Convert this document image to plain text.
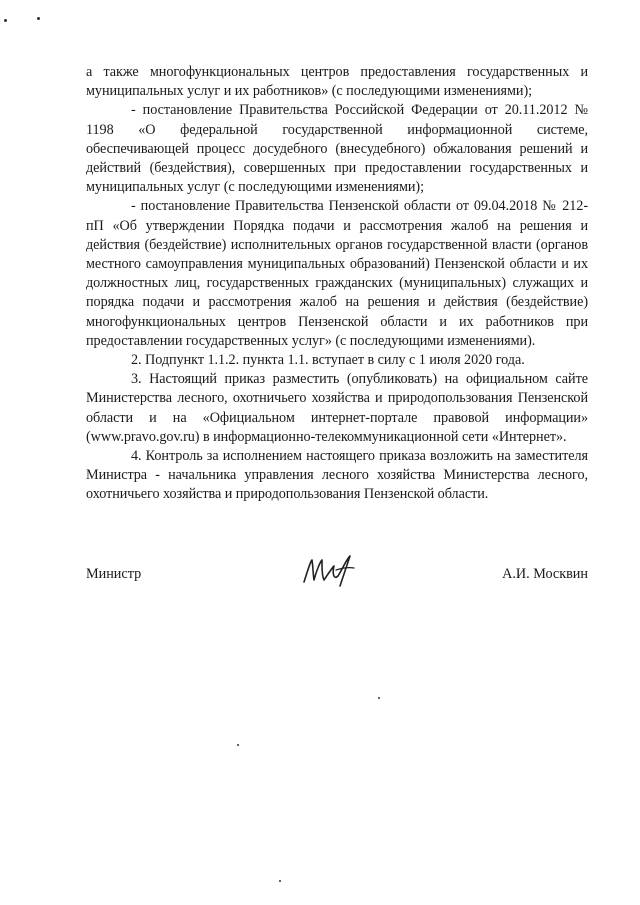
а также многофункциональных центров предоставления государственных и муниципальных услуг и их работников» (с последующими изменениями);

- постановление Правительства Российской Федерации от 20.11.2012 № 1198 «О федеральной государственной информационной системе, обеспечивающей процесс досудебного (внесудебного) обжалования решений и действий (бездействия), совершенных при предоставлении государственных и муниципальных услуг (с последующими изменениями);

- постановление Правительства Пензенской области от 09.04.2018 № 212-пП «Об утверждении Порядка подачи и рассмотрения жалоб на решения и действия (бездействие) исполнительных органов государственной власти (органов местного самоуправления муниципальных образований) Пензенской области и их должностных лиц, государственных гражданских (муниципальных) служащих и порядка подачи и рассмотрения жалоб на решения и действия (бездействие) многофункциональных центров Пензенской области и их работников при предоставлении государственных услуг» (с последующими изменениями).

2. Подпункт 1.1.2. пункта 1.1. вступает в силу с 1 июля 2020 года.

3. Настоящий приказ разместить (опубликовать) на официальном сайте Министерства лесного, охотничьего хозяйства и природопользования Пензенской области и на «Официальном интернет-портале правовой информации» (www.pravo.gov.ru) в информационно-телекоммуникационной сети «Интернет».

4. Контроль за исполнением настоящего приказа возложить на заместителя Министра - начальника управления лесного хозяйства Министерства лесного, охотничьего хозяйства и природопользования Пензенской области.

Министр	А.И. Москвин
